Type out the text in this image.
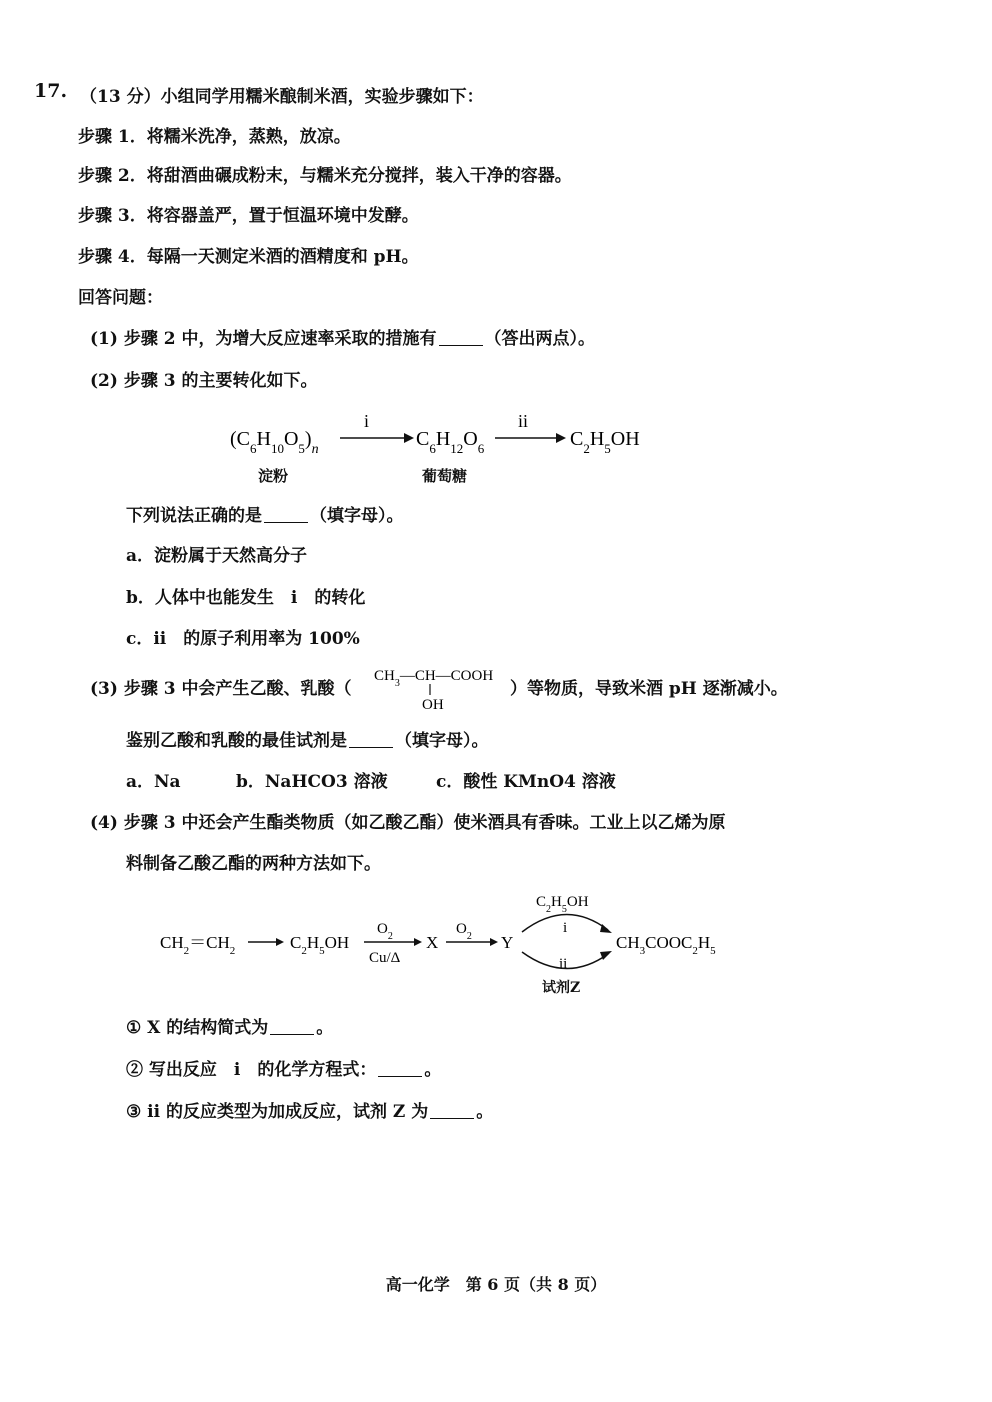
17. （13 分）小组同学用糯米酿制米酒，实验步骤如下：
步骤 1．将糯米洗净，蒸熟，放凉。
步骤 2．将甜酒曲碾成粉末，与糯米充分搅拌，装入干净的容器。
步骤 3．将容器盖严，置于恒温环境中发酵。
步骤 4．每隔一天测定米酒的酒精度和 pH。
回答问题：
(1) 步骤 2 中，为增大反应速率采取的措施有	（答出两点）。
(2) 步骤 3 的主要转化如下。
$(C_6H_{10}O_5)_n$
i
$C_6H_{12}O_6$
ii
$C_2H_5OH$
淀粉	葡萄糖
下列说法正确的是	（填字母）。
a．淀粉属于天然高分子
b．人体中也能发生　i　的转化
c．ii　的原子利用率为 100%
(3) 步骤 3 中会产生乙酸、乳酸（
$CH_3—CH—COOH$
OH
）等物质，导致米酒 pH 逐渐减小。
鉴别乙酸和乳酸的最佳试剂是	（填字母）。
a．Na	b．NaHCO3 溶液	c．酸性 KMnO4 溶液
(4) 步骤 3 中还会产生酯类物质（如乙酸乙酯）使米酒具有香味。工业上以乙烯为原
料制备乙酸乙酯的两种方法如下。
$CH_2=CH_2$	$C_2H_5OH$
$O_2$
Cu/Δ
X
$O_2$ Y
$C_2H_5OH$
i
ii
$CH_3COOC_2H_5$
试剂Z
① X 的结构简式为	。
② 写出反应　i　的化学方程式：	。
③ ii 的反应类型为加成反应，试剂 Z 为	。
高一化学　第 6 页（共 8 页）
